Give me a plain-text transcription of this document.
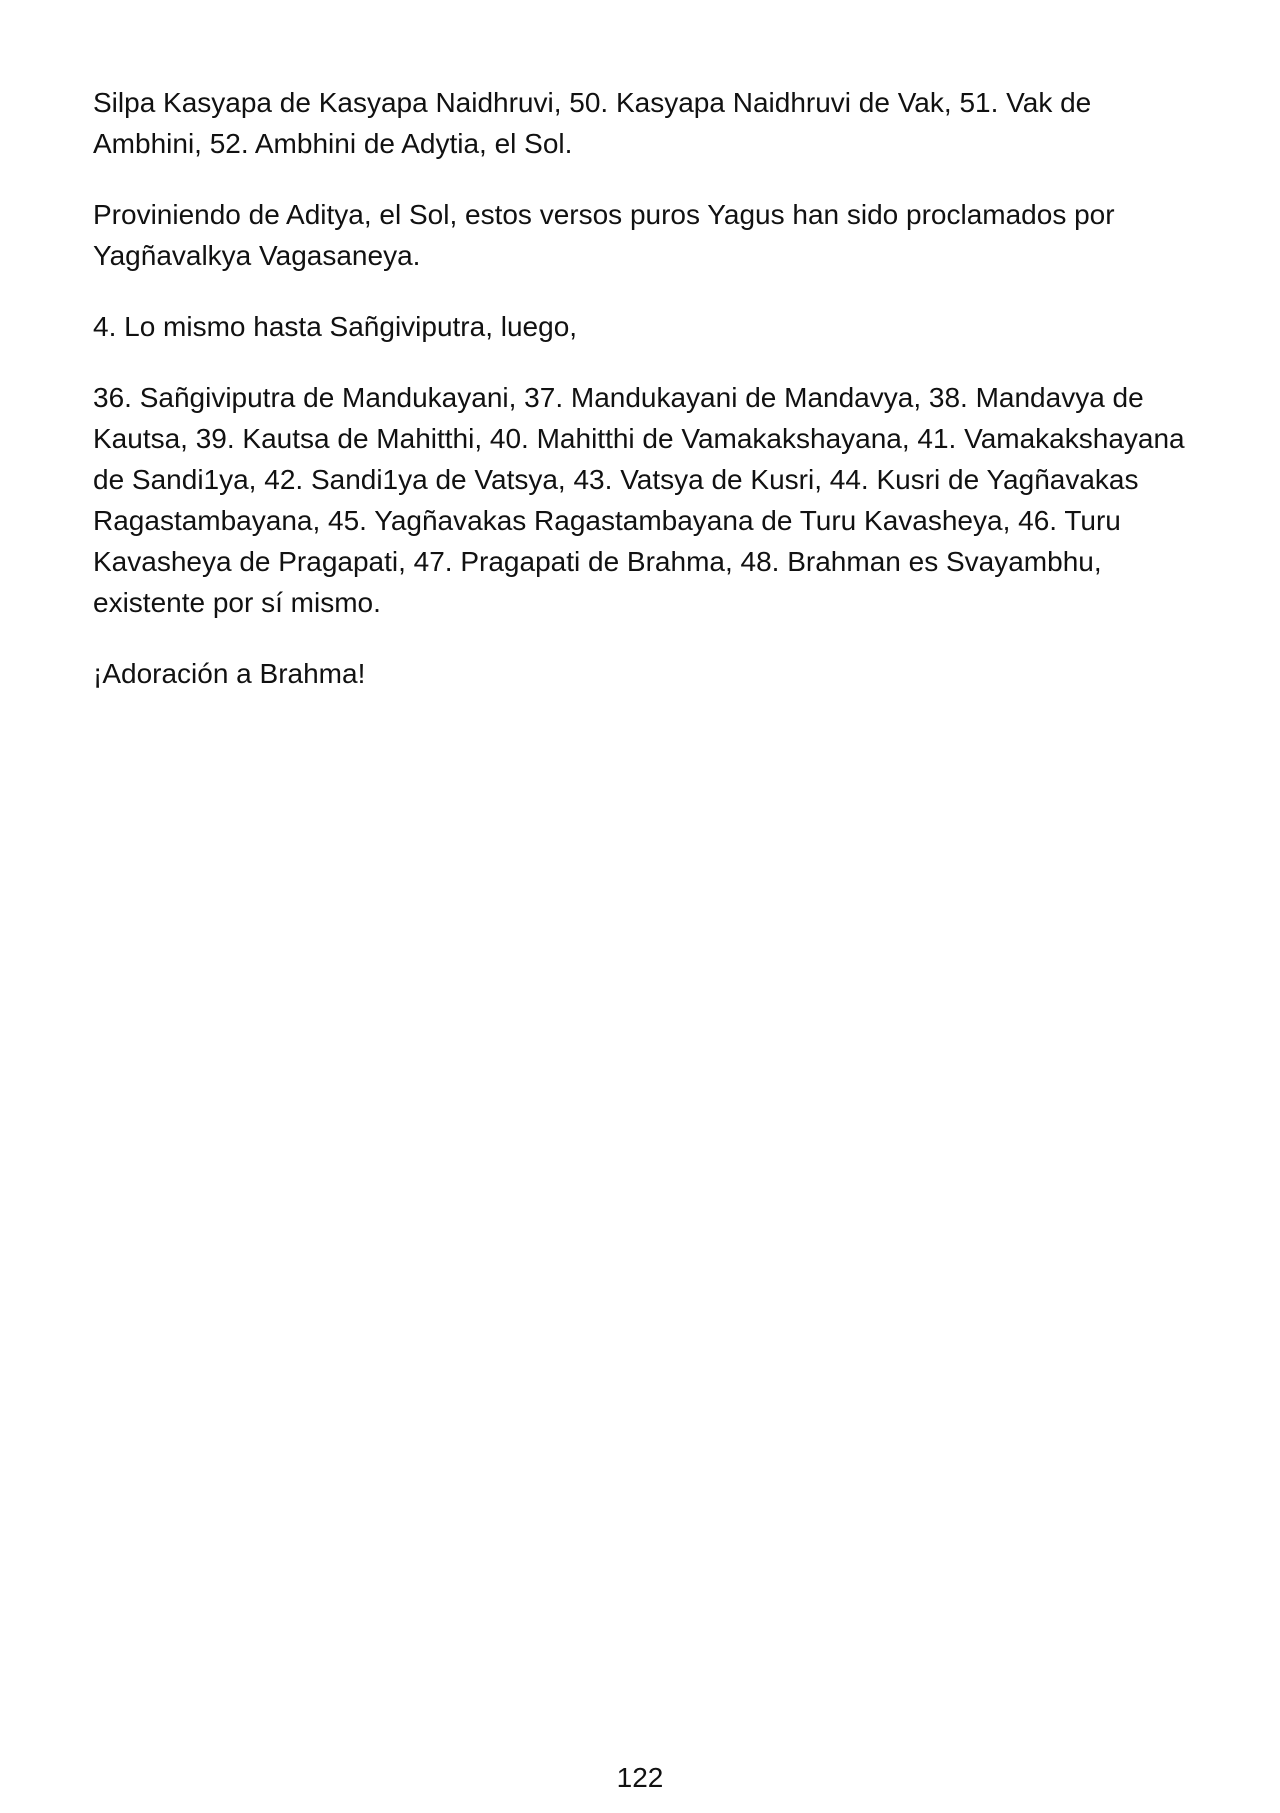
Silpa Kasyapa de Kasyapa Naidhruvi, 50. Kasyapa Naidhruvi de Vak, 51. Vak de Ambhini, 52. Ambhini de Adytia, el Sol.

Proviniendo de Aditya, el Sol, estos versos puros Yagus han sido proclamados por Yagñavalkya Vagasaneya.

4. Lo mismo hasta Sañgiviputra, luego,

36. Sañgiviputra de Mandukayani, 37. Mandukayani de Mandavya, 38. Mandavya de Kautsa, 39. Kautsa de Mahitthi, 40. Mahitthi de Vamakakshayana, 41. Vamakakshayana de Sandi1ya, 42. Sandi1ya de Vatsya, 43. Vatsya de Kusri, 44. Kusri de Yagñavakas Ragastambayana, 45. Yagñavakas Ragastambayana de Turu Kavasheya, 46. Turu Kavasheya de Pragapati, 47. Pragapati de Brahma, 48. Brahman es Svayambhu, existente por sí mismo.

¡Adoración a Brahma!

122
